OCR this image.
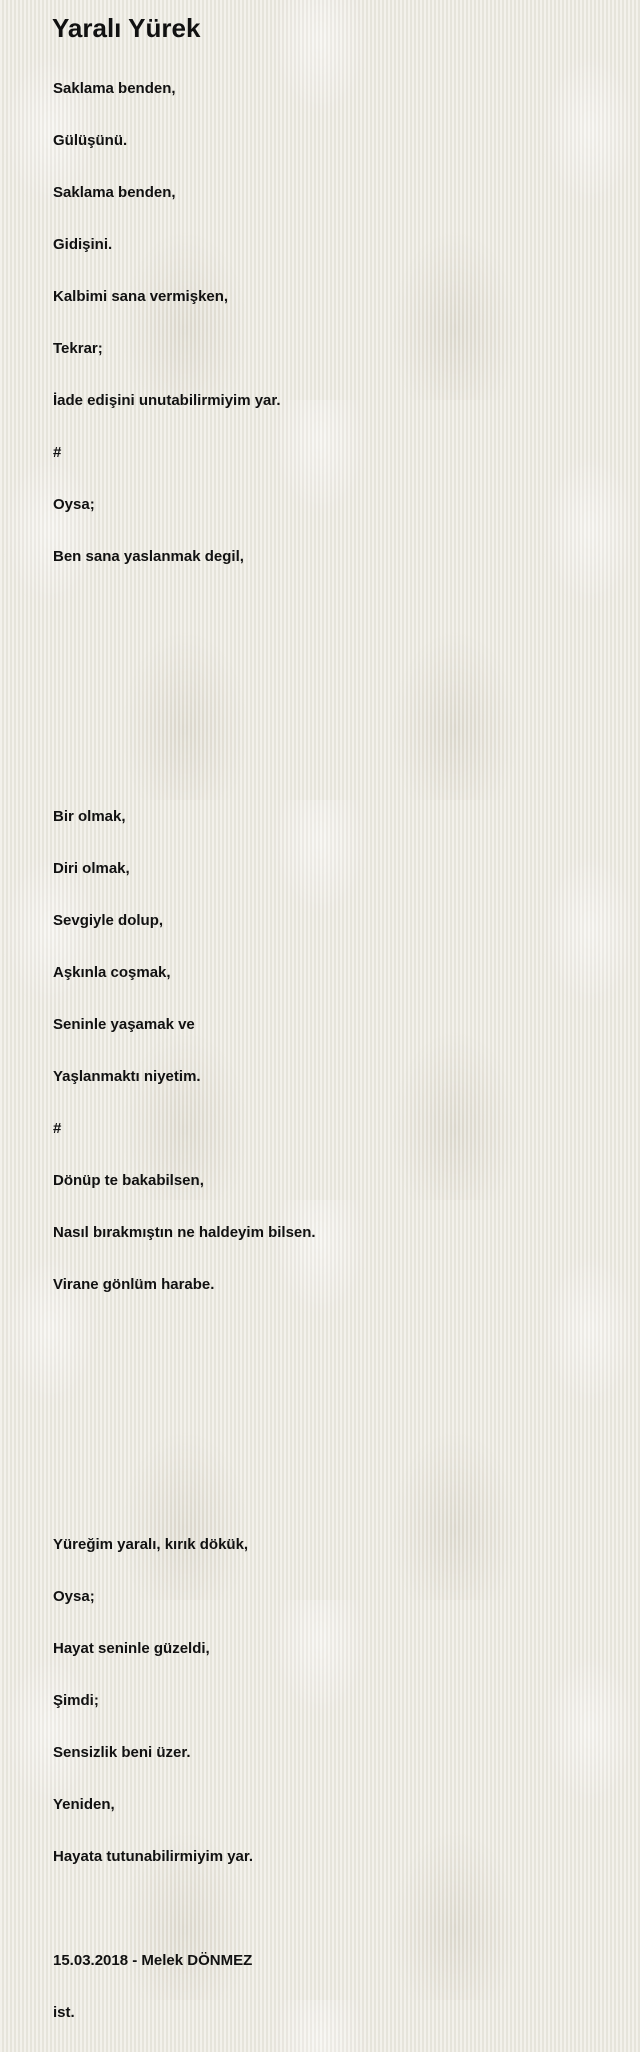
Yaralı Yürek

Saklama benden,

Gülüşünü.

Saklama benden,

Gidişini.

Kalbimi sana vermişken,

Tekrar;

İade edişini unutabilirmiyim yar.

#

Oysa;

Ben sana yaslanmak degil,

Bir olmak,

Diri olmak,

Sevgiyle dolup,

Aşkınla coşmak,

Seninle yaşamak ve

Yaşlanmaktı niyetim.

#

Dönüp te bakabilsen,

Nasıl bırakmıştın ne haldeyim bilsen.

Virane gönlüm harabe.

Yüreğim yaralı, kırık dökük,

Oysa;

Hayat seninle güzeldi,

Şimdi;

Sensizlik beni üzer.

Yeniden,

Hayata tutunabilirmiyim yar.

15.03.2018 - Melek DÖNMEZ

ist.
